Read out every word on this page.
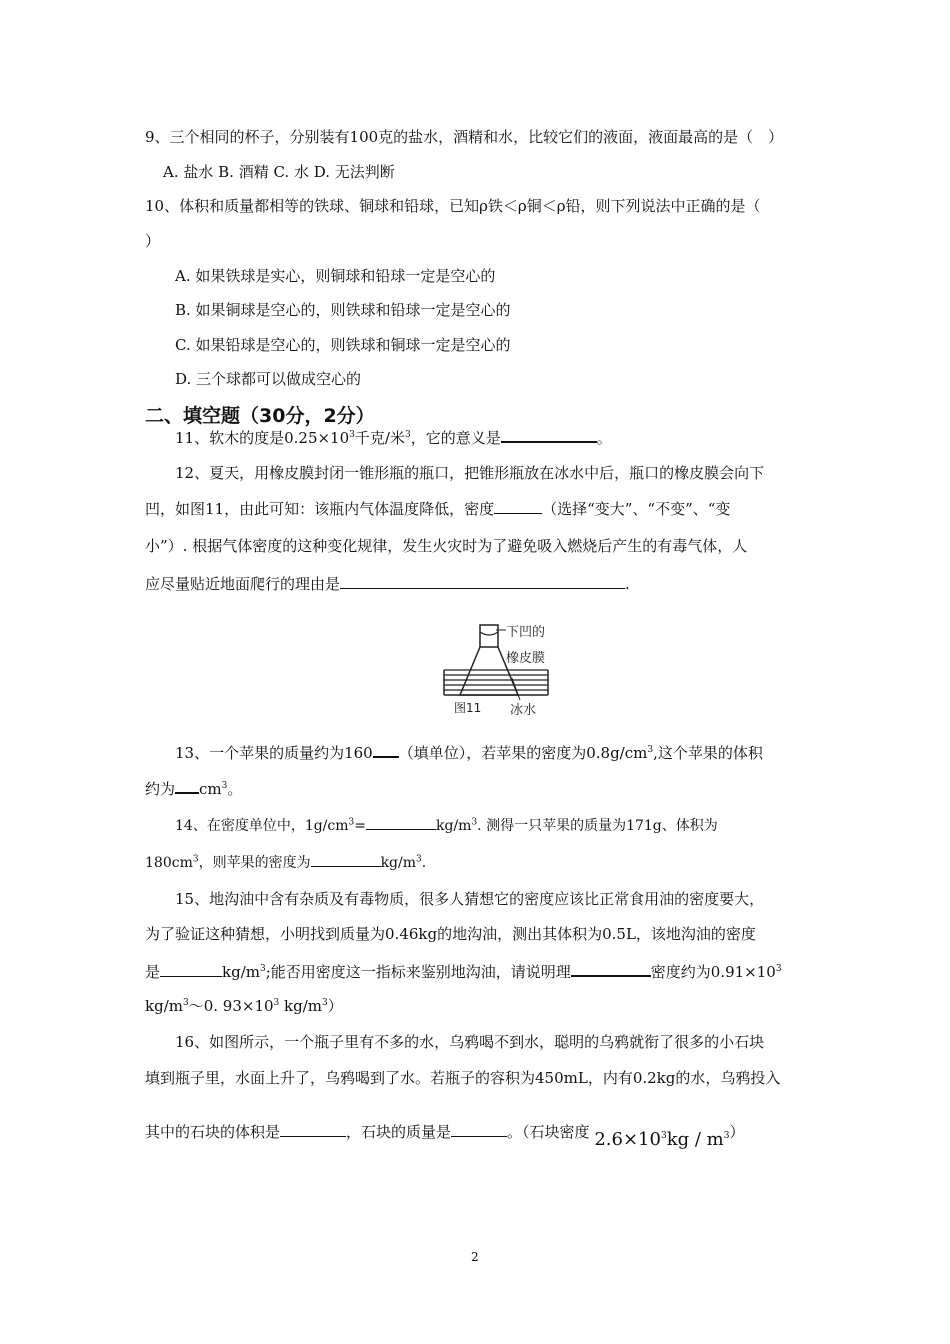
9、三个相同的杯子，分别装有100克的盐水，酒精和水，比较它们的液面，液面最高的是（　）
A. 盐水 B. 酒精 C. 水 D. 无法判断
10、体积和质量都相等的铁球、铜球和铅球，已知ρ铁＜ρ铜＜ρ铅，则下列说法中正确的是（
）
A. 如果铁球是实心，则铜球和铅球一定是空心的
B. 如果铜球是空心的，则铁球和铅球一定是空心的
C. 如果铅球是空心的，则铁球和铜球一定是空心的
D. 三个球都可以做成空心的
二、填空题（30分，2分）
11、软木的度是$0.25\times 10^3$千克/米$^3$，它的意义是	。
12、夏天，用橡皮膜封闭一锥形瓶的瓶口，把锥形瓶放在冰水中后，瓶口的橡皮膜会向下
凹，如图11，由此可知：该瓶内气体温度降低，密度	（选择“变大”、“不变”、“变
小”）. 根据气体密度的这种变化规律，发生火灾时为了避免吸入燃烧后产生的有毒气体，人
应尽量贴近地面爬行的理由是	.
下凹的
橡皮膜
图11 冰水
13、一个苹果的质量约为160 （填单位），若苹果的密度为$0.8g/cm^3$,这个苹果的体积
约为 $cm^3$。
14、在密度单位中，$1g/cm^3=$	$kg/m^3$. 测得一只苹果的质量为171g、体积为
$180cm^3$，则苹果的密度为	$kg/m^3$.
15、地沟油中含有杂质及有毒物质，很多人猜想它的密度应该比正常食用油的密度要大，
为了验证这种猜想，小明找到质量为0.46kg的地沟油，测出其体积为0.5L，该地沟油的密度
是	$kg/m^3$;能否用密度这一指标来鉴别地沟油，请说明理	密度约为$0.91\times 10^3$
$kg/m^3\sim 0$. $93\times 10^3$ $kg/m^3$）
16、如图所示，一个瓶子里有不多的水，乌鸦喝不到水，聪明的乌鸦就衔了很多的小石块
填到瓶子里，水面上升了，乌鸦喝到了水。若瓶子的容积为450mL，内有0.2kg的水，乌鸦投入
其中的石块的体积是	，石块的质量是	。（石块密度 $2.6\times 10^3kg / m^3$）
2
